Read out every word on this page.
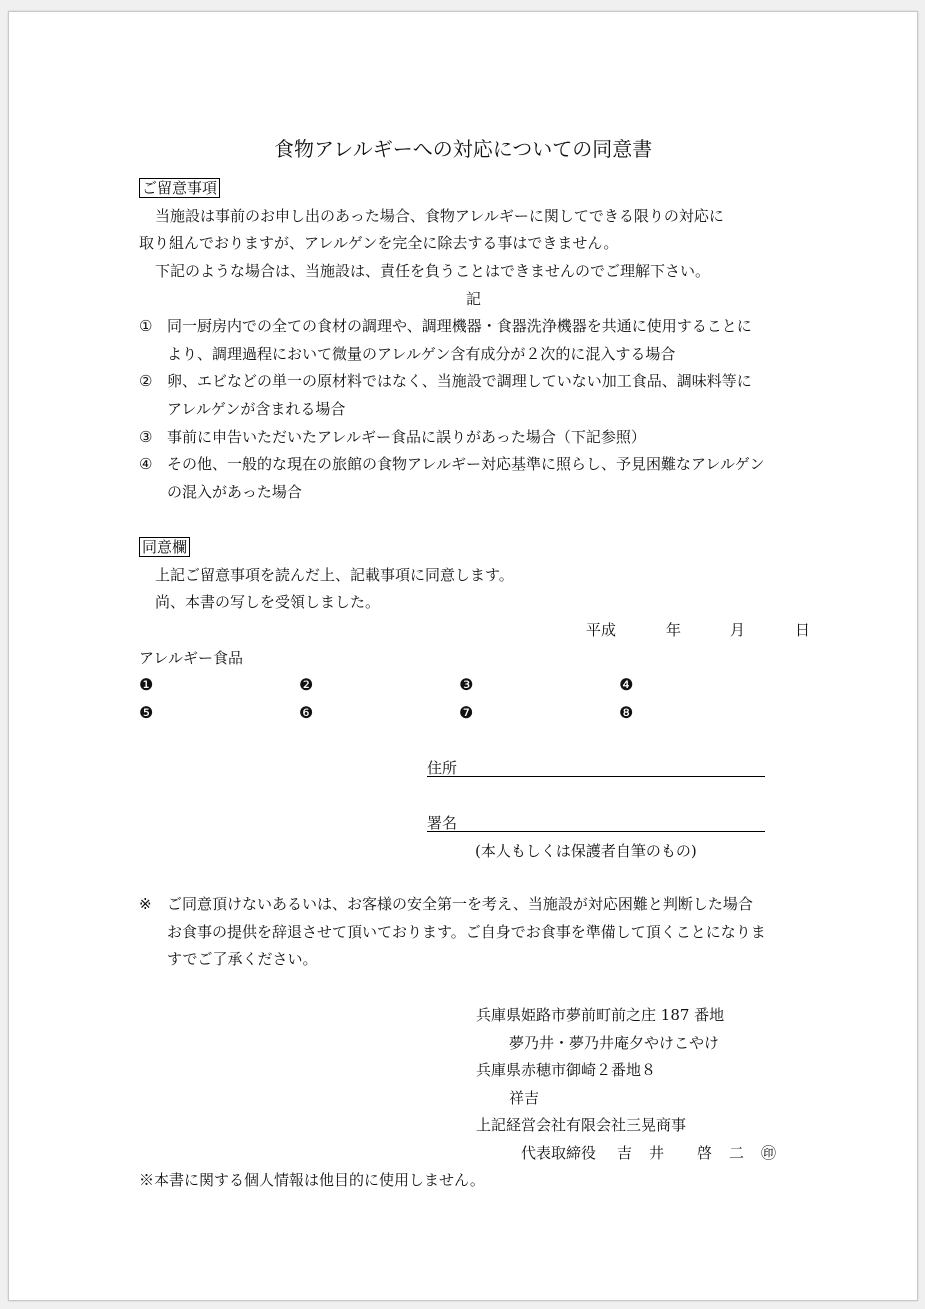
食物アレルギーへの対応についての同意書
ご留意事項
当施設は事前のお申し出のあった場合、食物アレルギーに関してできる限りの対応に
取り組んでおりますが、アレルゲンを完全に除去する事はできません。
下記のような場合は、当施設は、責任を負うことはできませんのでご理解下さい。
記
① 同一厨房内での全ての食材の調理や、調理機器・食器洗浄機器を共通に使用することに
より、調理過程において微量のアレルゲン含有成分が２次的に混入する場合
② 卵、エビなどの単一の原材料ではなく、当施設で調理していない加工食品、調味料等に
アレルゲンが含まれる場合
③ 事前に申告いただいたアレルギー食品に誤りがあった場合（下記参照）
④ その他、一般的な現在の旅館の食物アレルギー対応基準に照らし、予見困難なアレルゲン
の混入があった場合
同意欄
上記ご留意事項を読んだ上、記載事項に同意します。
尚、本書の写しを受領しました。
平成	年	月	日
アレルギー食品
❶	❷	❸	❹
❺	❻	❼	❽
住所
署名
(本人もしくは保護者自筆のもの)
※ ご同意頂けないあるいは、お客様の安全第一を考え、当施設が対応困難と判断した場合
お食事の提供を辞退させて頂いております。ご自身でお食事を準備して頂くことになりま
すでご了承ください。
兵庫県姫路市夢前町前之庄 187 番地
夢乃井・夢乃井庵夕やけこやけ
兵庫県赤穂市御崎２番地８
祥吉
上記経営会社有限会社三晃商事
代表取締役 吉 井 啓 二 ㊞
※本書に関する個人情報は他目的に使用しません。
